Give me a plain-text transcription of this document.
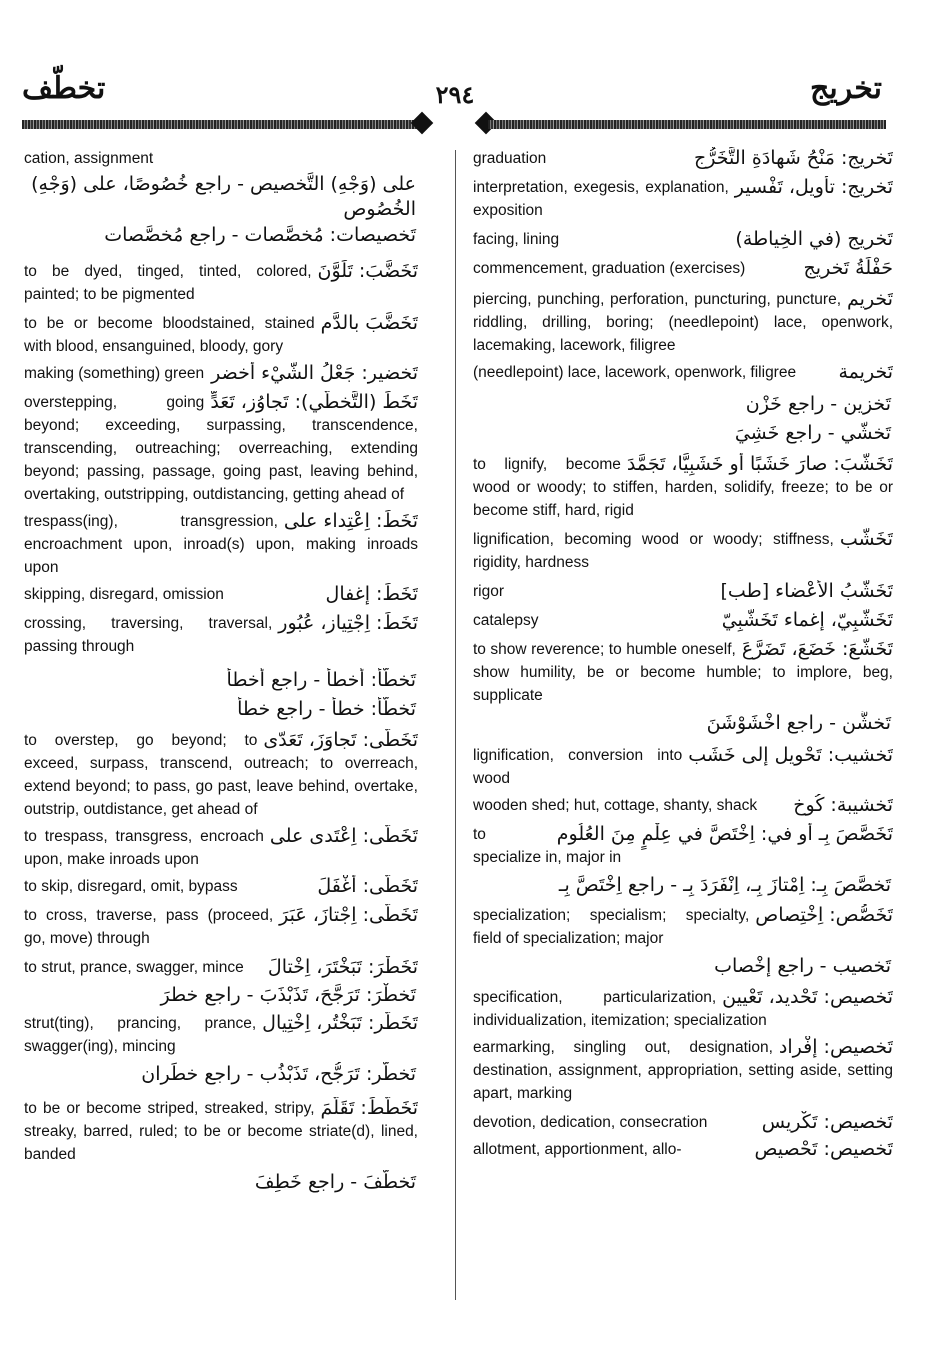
تخطّف	٢٩٤	تخريج
cation, assignment
على (وَجْهِ) التَّخصيص - راجع خُصُوصًا، على (وَجْهِ) الخُصُوص
تَخصيصات: مُخصَّصات - راجع مُخصَّصات
تَخَضَّبَ: تَلَوَّنَ
to be dyed, tinged, tinted, colored, painted; to be pigmented
تَخَضَّبَ بالدَّم
to be or become bloodstained, stained with blood, ensanguined, bloody, gory
تَخضير: جَعْلُ الشَّيْء أخضر
making (something) green
تَخَطٍّ (التَّخطّي): تَجاوُز، تَعَدٍّ
overstepping, going beyond; exceeding, surpassing, transcendence, transcending, outreaching; overreaching, extending beyond; passing, passage, going past, leaving behind, overtaking, outstripping, outdistancing, getting ahead of
تَخَطٍّ: اِعْتِداء على
trespass(ing), transgression, encroachment upon, inroad(s) upon, making inroads upon
تَخَطٍّ: إغفال
skipping, disregard, omission
تَخَطٍّ: اِجْتِياز، عُبُور
crossing, traversing, traversal, passing through
تَخطّأ: أخطأ - راجع أخطأ
تَخطّأ: خطأ - راجع خطأ
تَخَطّى: تَجاوَزَ، تَعَدّى
to overstep, go beyond; to exceed, surpass, transcend, outreach; to overreach, extend beyond; to pass, go past, leave behind, overtake, outstrip, outdistance, get ahead of
تَخَطّى: اِعْتَدى على
to trespass, transgress, encroach upon, make inroads upon
تَخَطّى: أغْفَلَ
to skip, disregard, omit, bypass
تَخَطّى: اِجْتازَ، عَبَرَ
to cross, traverse, pass (proceed, go, move) through
تَخَطْرَ: تَبَخْتَرَ، اِخْتالَ
to strut, prance, swagger, mince
تَخطْرَ: تَرَجَّحَ، تَذَبْذَبَ - راجع خطرَ
تَخَطُّر: تَبَخْتُر، اِخْتِيال
strut(ting), prancing, prance, swagger(ing), mincing
تَخطُّر: تَرَجُّح، تَذَبْذُب - راجع خطَران
تَخَطَّطَ: تَقَلَّمَ
to be or become striped, streaked, stripy, streaky, barred, ruled; to be or become striate(d), lined, banded
تَخطَّفَ - راجع خَطِفَ
تَخريج: مَنْحُ شَهادَةِ التَّخَرُّج
graduation
تَخريج: تأويل، تَفْسير
interpretation, exegesis, explanation, exposition
تَخريج (في الخِياطة)
facing, lining
حَفْلَةُ تَخريج
commencement, graduation (exercises)
تَخريم
piercing, punching, perforation, puncturing, puncture, riddling, drilling, boring; (needlepoint) lace, openwork, lacemaking, lacework, filigree
تَخريمة
(needlepoint) lace, lacework, openwork, filigree
تَخزين - راجع خَزْن
تَخشّي - راجع خَشِيَ
تَخَشَّبَ: صارَ خَشَبًا أو خَشَبِيًّا، تَجَمَّدَ
to lignify, become wood or woody; to stiffen, harden, solidify, freeze; to be or become stiff, hard, rigid
تَخَشُّب
lignification, becoming wood or woody; stiffness, rigidity, hardness
تَخَشُّبُ الأعْضاء [طب]
rigor
تَخَشُّبِيّ، إغماء تَخَشُّبِيّ
catalepsy
تَخَشَّعَ: خَضَعَ، تَضَرَّعَ
to show reverence; to humble oneself, show humility, be or become humble; to implore, beg, supplicate
تَخشُّن - راجع اخْشَوْشَنَ
تَخشيب: تَحْويل إلى خَشَب
lignification, conversion into wood
تَخشيبة: كُوخ
wooden shed; hut, cottage, shanty, shack
تَخَصَّصَ بِـ أو في: اِخْتَصَّ في عِلْمٍ مِنَ العُلُوم
to specialize in, major in
تَخصَّصَ بِـ: اِمْتازَ بِـ، اِنْفَرَدَ بِـ - راجع اِخْتَصَّ بِـ
تَخَصُّص: اِخْتِصاص
specialization; specialism; specialty, field of specialization; major
تَخصيب - راجع إخْصاب
تَخصيص: تَحْديد، تَعْيين
specification, particularization, individualization, itemization; specialization
تَخصيص: إفْراد
earmarking, singling out, designation, destination, assignment, appropriation, setting aside, setting apart, marking
تَخصيص: تَكْريس
devotion, dedication, consecration
تَخصيص: تَحْصيص
allotment, apportionment, allo-
